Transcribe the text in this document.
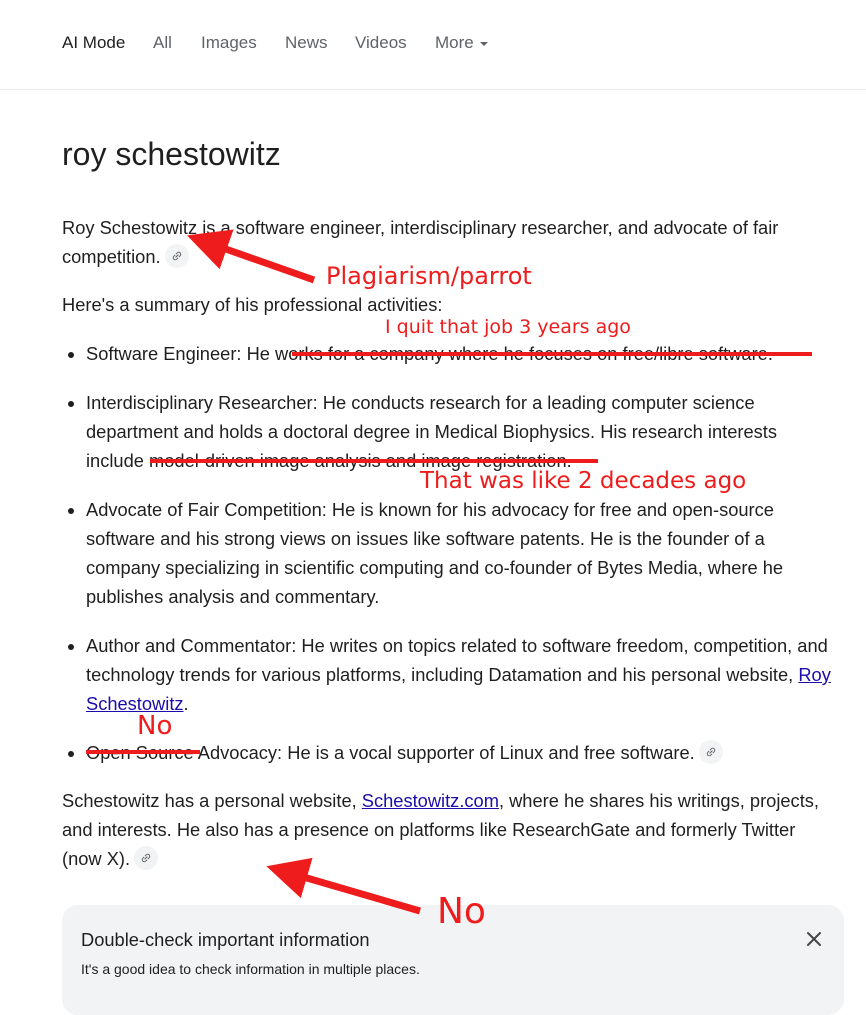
AI Mode All Images News Videos More
roy schestowitz

Roy Schestowitz is a software engineer, interdisciplinary researcher, and advocate of fair competition.

Here's a summary of his professional activities:

• Software Engineer: He works for a company where he focuses on free/libre software.
• Interdisciplinary Researcher: He conducts research for a leading computer science department and holds a doctoral degree in Medical Biophysics. His research interests include model-driven image analysis and image registration.
• Advocate of Fair Competition: He is known for his advocacy for free and open-source software and his strong views on issues like software patents. He is the founder of a company specializing in scientific computing and co-founder of Bytes Media, where he publishes analysis and commentary.
• Author and Commentator: He writes on topics related to software freedom, competition, and technology trends for various platforms, including Datamation and his personal website, Roy Schestowitz.
• Open Source Advocacy: He is a vocal supporter of Linux and free software.

Schestowitz has a personal website, Schestowitz.com, where he shares his writings, projects, and interests. He also has a presence on platforms like ResearchGate and formerly Twitter (now X).

Double-check important information
It's a good idea to check information in multiple places.
Plagiarism/parrot
I quit that job 3 years ago
That was like 2 decades ago
No
No
